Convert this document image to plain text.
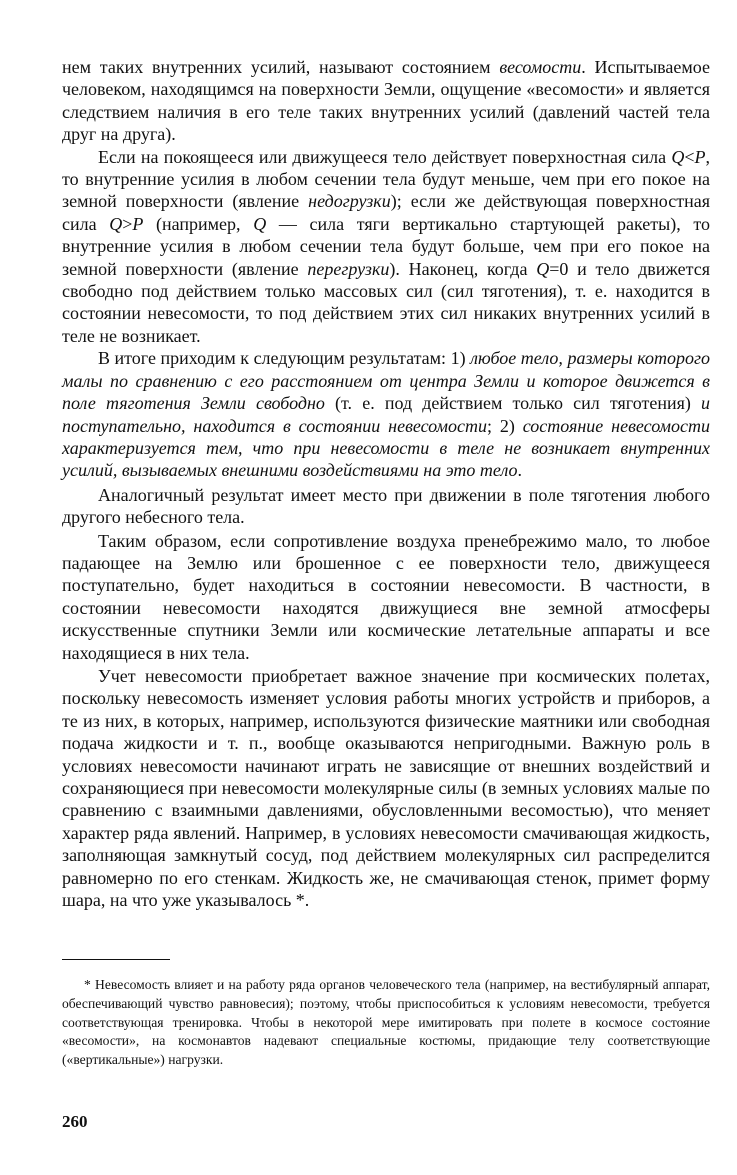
нем таких внутренних усилий, называют состоянием весомости. Испытываемое человеком, находящимся на поверхности Земли, ощущение «весомости» и является следствием наличия в его теле таких внутренних усилий (давлений частей тела друг на друга).

Если на покоящееся или движущееся тело действует поверхностная сила Q<P, то внутренние усилия в любом сечении тела будут меньше, чем при его покое на земной поверхности (явление недогрузки); если же действующая поверхностная сила Q>P (например, Q — сила тяги вертикально стартующей ракеты), то внутренние усилия в любом сечении тела будут больше, чем при его покое на земной поверхности (явление перегрузки). Наконец, когда Q=0 и тело движется свободно под действием только массовых сил (сил тяготения), т. е. находится в состоянии невесомости, то под действием этих сил никаких внутренних усилий в теле не возникает.

В итоге приходим к следующим результатам: 1) любое тело, размеры которого малы по сравнению с его расстоянием от центра Земли и которое движется в поле тяготения Земли свободно (т. е. под действием только сил тяготения) и поступательно, находится в состоянии невесомости; 2) состояние невесомости характеризуется тем, что при невесомости в теле не возникает внутренних усилий, вызываемых внешними воздействиями на это тело.

Аналогичный результат имеет место при движении в поле тяготения любого другого небесного тела.

Таким образом, если сопротивление воздуха пренебрежимо мало, то любое падающее на Землю или брошенное с ее поверхности тело, движущееся поступательно, будет находиться в состоянии невесомости. В частности, в состоянии невесомости находятся движущиеся вне земной атмосферы искусственные спутники Земли или космические летательные аппараты и все находящиеся в них тела.

Учет невесомости приобретает важное значение при космических полетах, поскольку невесомость изменяет условия работы многих устройств и приборов, а те из них, в которых, например, используются физические маятники или свободная подача жидкости и т. п., вообще оказываются непригодными. Важную роль в условиях невесомости начинают играть не зависящие от внешних воздействий и сохраняющиеся при невесомости молекулярные силы (в земных условиях малые по сравнению с взаимными давлениями, обусловленными весомостью), что меняет характер ряда явлений. Например, в условиях невесомости смачивающая жидкость, заполняющая замкнутый сосуд, под действием молекулярных сил распределится равномерно по его стенкам. Жидкость же, не смачивающая стенок, примет форму шара, на что уже указывалось *.

* Невесомость влияет и на работу ряда органов человеческого тела (например, на вестибулярный аппарат, обеспечивающий чувство равновесия); поэтому, чтобы приспособиться к условиям невесомости, требуется соответствующая тренировка. Чтобы в некоторой мере имитировать при полете в космосе состояние «весомости», на космонавтов надевают специальные костюмы, придающие телу соответствующие («вертикальные») нагрузки.

260
